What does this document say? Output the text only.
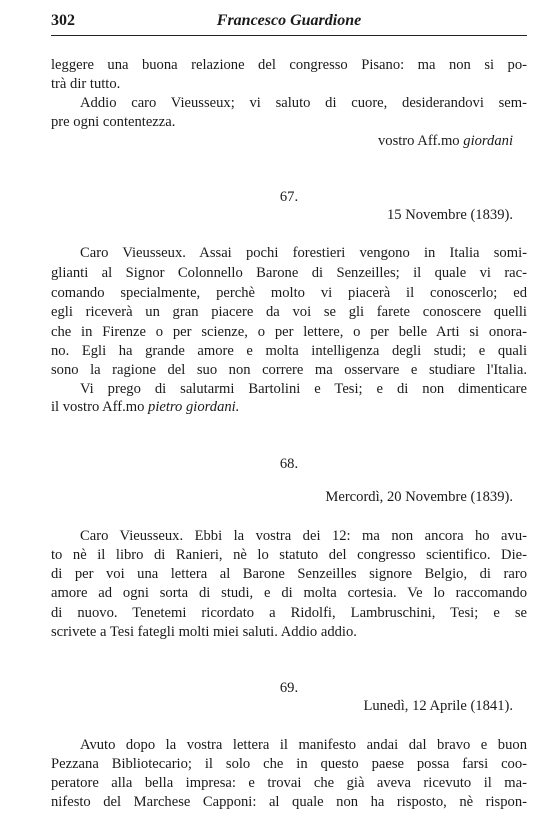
302	Francesco Guardione
leggere una buona relazione del congresso Pisano: ma non si po-
trà dir tutto.
Addio caro Vieusseux; vi saluto di cuore, desiderandovi sem-
pre ogni contentezza.
vostro Aff.mo giordani
67.
15 Novembre (1839).
Caro Vieusseux. Assai pochi forestieri vengono in Italia somi-
glianti al Signor Colonnello Barone di Senzeilles; il quale vi rac-
comando specialmente, perchè molto vi piacerà il conoscerlo; ed
egli riceverà un gran piacere da voi se gli farete conoscere quelli
che in Firenze o per scienze, o per lettere, o per belle Arti si onora-
no. Egli ha grande amore e molta intelligenza degli studi; e quali
sono la ragione del suo non correre ma osservare e studiare l'Italia.
Vi prego di salutarmi Bartolini e Tesi; e di non dimenticare
il vostro Aff.mo pietro giordani.
68.
Mercordì, 20 Novembre (1839).
Caro Vieusseux. Ebbi la vostra dei 12: ma non ancora ho avu-
to nè il libro di Ranieri, nè lo statuto del congresso scientifico. Die-
di per voi una lettera al Barone Senzeilles signore Belgio, di raro
amore ad ogni sorta di studi, e di molta cortesia. Ve lo raccomando
di nuovo. Tenetemi ricordato a Ridolfi, Lambruschini, Tesi; e se
scrivete a Tesi fategli molti miei saluti. Addio addio.
69.
Lunedì, 12 Aprile (1841).
Avuto dopo la vostra lettera il manifesto andai dal bravo e buon
Pezzana Bibliotecario; il solo che in questo paese possa farsi coo-
peratore alla bella impresa: e trovai che già aveva ricevuto il ma-
nifesto del Marchese Capponi: al quale non ha risposto, nè rispon-
